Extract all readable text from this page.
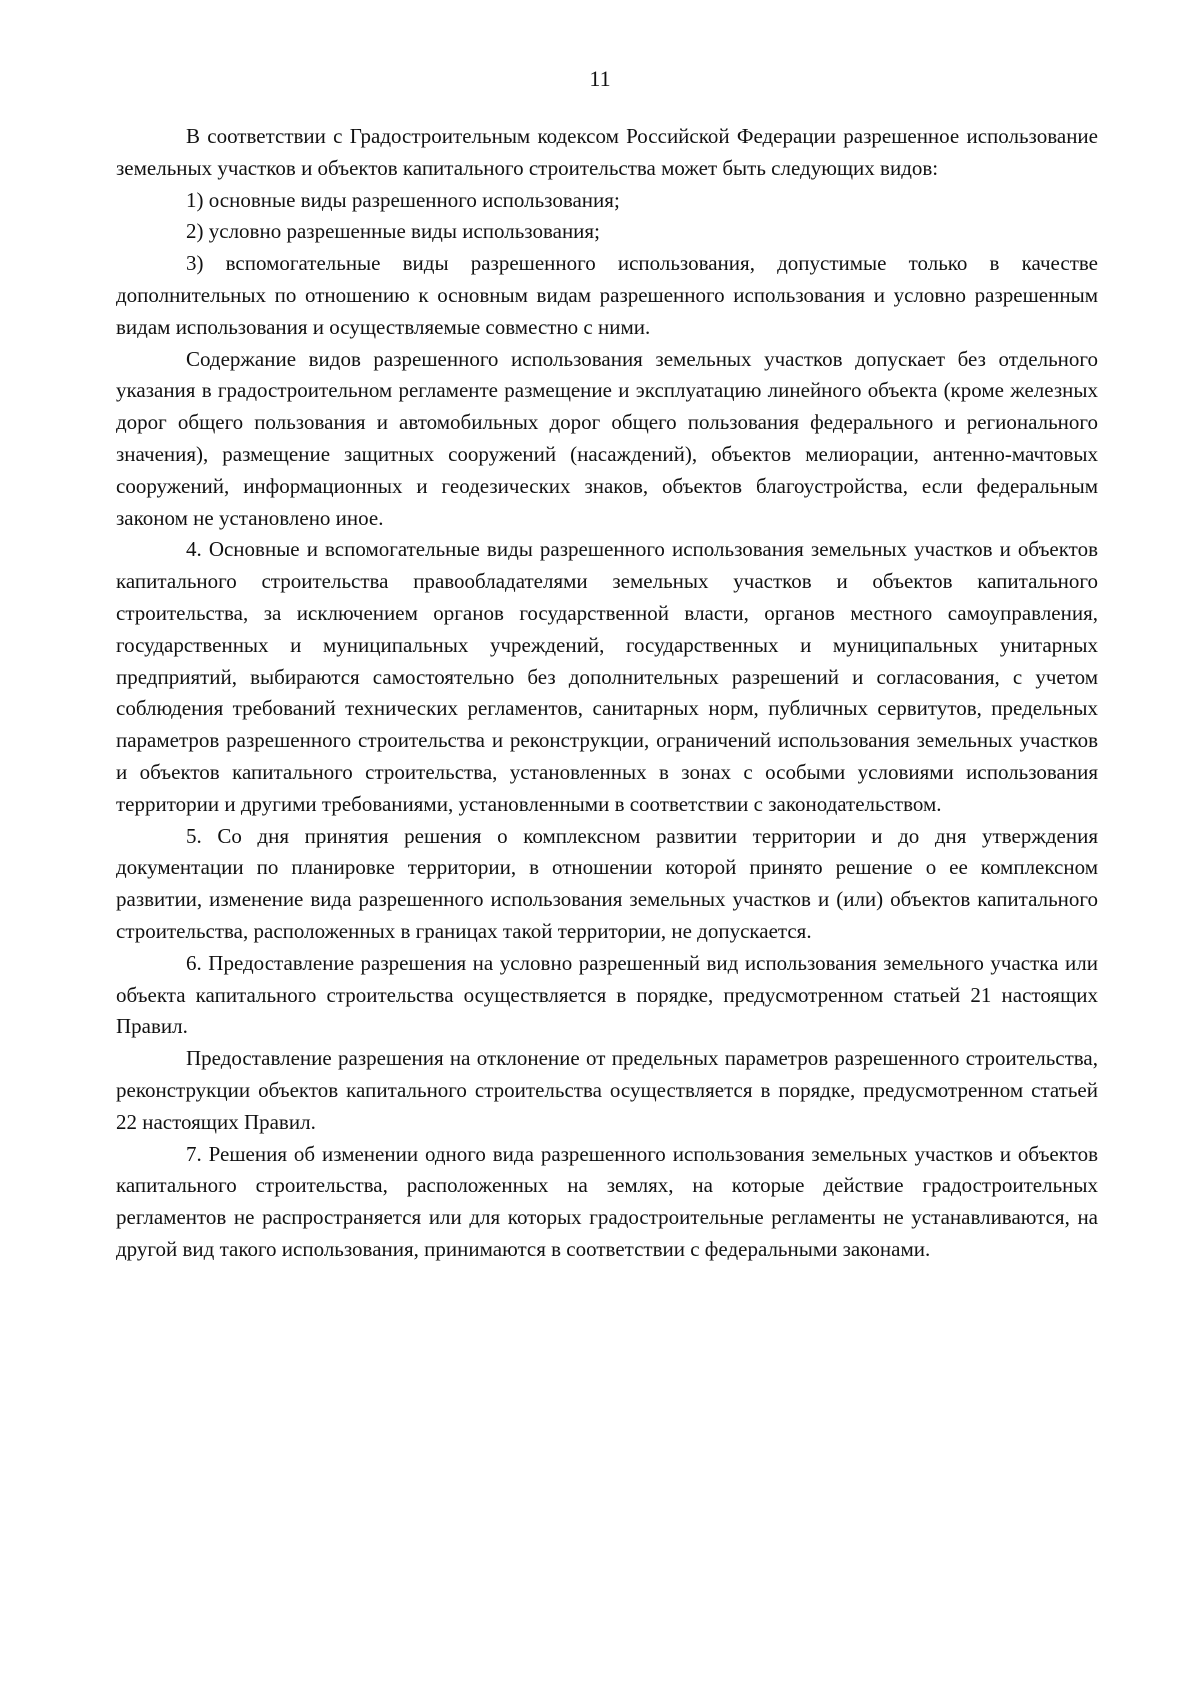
11

В соответствии с Градостроительным кодексом Российской Федерации разрешенное использование земельных участков и объектов капитального строительства может быть следующих видов:

1) основные виды разрешенного использования;

2) условно разрешенные виды использования;

3) вспомогательные виды разрешенного использования, допустимые только в качестве дополнительных по отношению к основным видам разрешенного использования и условно разрешенным видам использования и осуществляемые совместно с ними.

Содержание видов разрешенного использования земельных участков допускает без отдельного указания в градостроительном регламенте размещение и эксплуатацию линейного объекта (кроме железных дорог общего пользования и автомобильных дорог общего пользования федерального и регионального значения), размещение защитных сооружений (насаждений), объектов мелиорации, антенно-мачтовых сооружений, информационных и геодезических знаков, объектов благоустройства, если федеральным законом не установлено иное.

4. Основные и вспомогательные виды разрешенного использования земельных участков и объектов капитального строительства правообладателями земельных участков и объектов капитального строительства, за исключением органов государственной власти, органов местного самоуправления, государственных и муниципальных учреждений, государственных и муниципальных унитарных предприятий, выбираются самостоятельно без дополнительных разрешений и согласования, с учетом соблюдения требований технических регламентов, санитарных норм, публичных сервитутов, предельных параметров разрешенного строительства и реконструкции, ограничений использования земельных участков и объектов капитального строительства, установленных в зонах с особыми условиями использования территории и другими требованиями, установленными в соответствии с законодательством.

5. Со дня принятия решения о комплексном развитии территории и до дня утверждения документации по планировке территории, в отношении которой принято решение о ее комплексном развитии, изменение вида разрешенного использования земельных участков и (или) объектов капитального строительства, расположенных в границах такой территории, не допускается.

6. Предоставление разрешения на условно разрешенный вид использования земельного участка или объекта капитального строительства осуществляется в порядке, предусмотренном статьей 21 настоящих Правил.

Предоставление разрешения на отклонение от предельных параметров разрешенного строительства, реконструкции объектов капитального строительства осуществляется в порядке, предусмотренном статьей 22 настоящих Правил.

7. Решения об изменении одного вида разрешенного использования земельных участков и объектов капитального строительства, расположенных на землях, на которые действие градостроительных регламентов не распространяется или для которых градостроительные регламенты не устанавливаются, на другой вид такого использования, принимаются в соответствии с федеральными законами.
